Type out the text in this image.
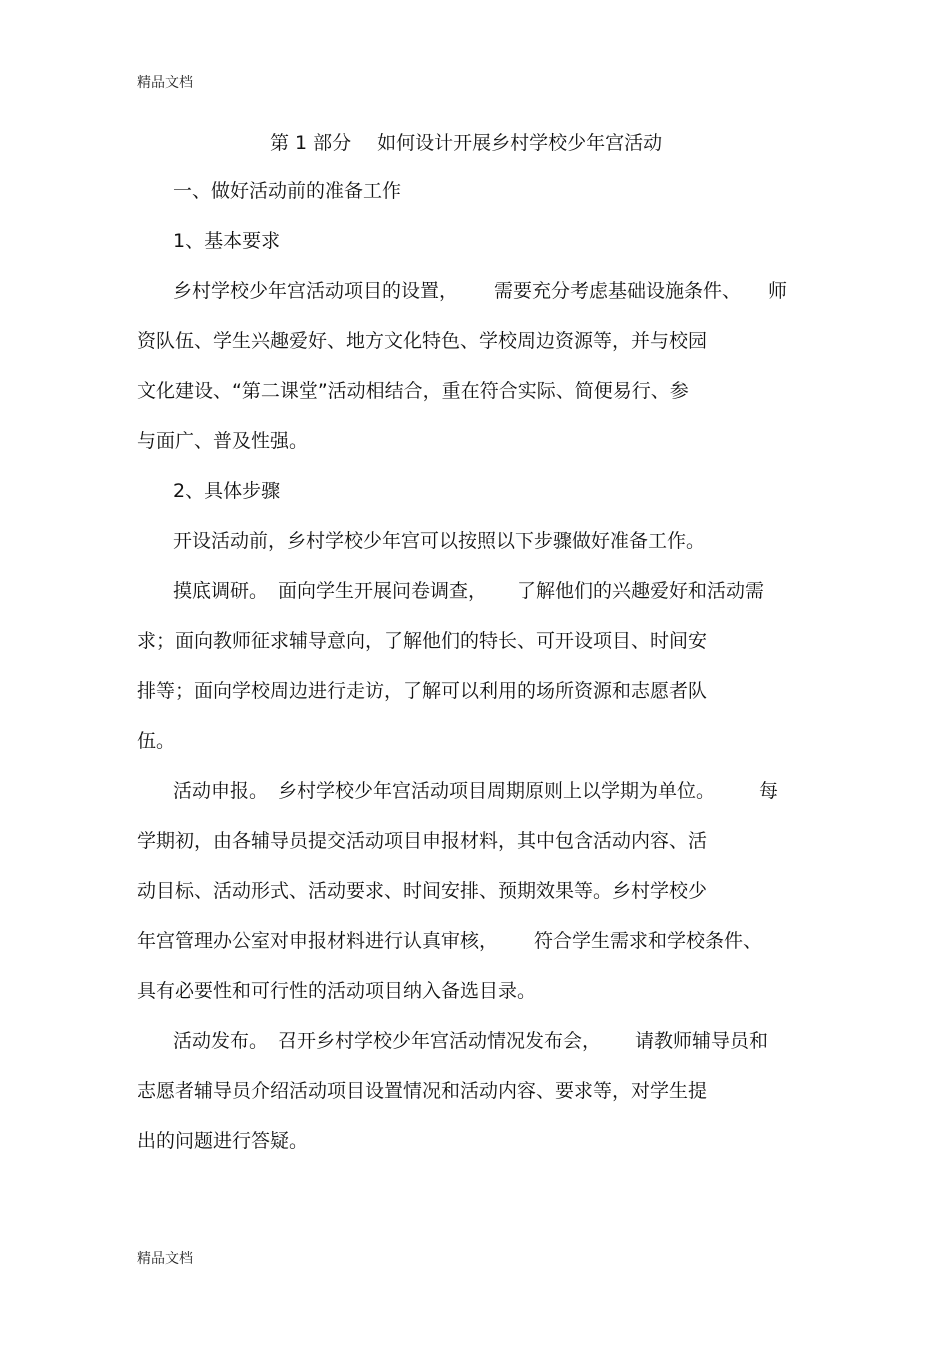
精品文档
第 1 部分 如何设计开展乡村学校少年宫活动
一、做好活动前的准备工作
1、基本要求
乡村学校少年宫活动项目的设置， 需要充分考虑基础设施条件、 师
资队伍、学生兴趣爱好、地方文化特色、学校周边资源等，并与校园
文化建设、“第二课堂”活动相结合，重在符合实际、简便易行、参
与面广、普及性强。
2、具体步骤
开设活动前，乡村学校少年宫可以按照以下步骤做好准备工作。
摸底调研。 面向学生开展问卷调查， 了解他们的兴趣爱好和活动需
求；面向教师征求辅导意向，了解他们的特长、可开设项目、时间安
排等；面向学校周边进行走访，了解可以利用的场所资源和志愿者队
伍。
活动申报。 乡村学校少年宫活动项目周期原则上以学期为单位。 每
学期初，由各辅导员提交活动项目申报材料，其中包含活动内容、活
动目标、活动形式、活动要求、时间安排、预期效果等。乡村学校少
年宫管理办公室对申报材料进行认真审核， 符合学生需求和学校条件、
具有必要性和可行性的活动项目纳入备选目录。
活动发布。 召开乡村学校少年宫活动情况发布会， 请教师辅导员和
志愿者辅导员介绍活动项目设置情况和活动内容、要求等，对学生提
出的问题进行答疑。
精品文档
